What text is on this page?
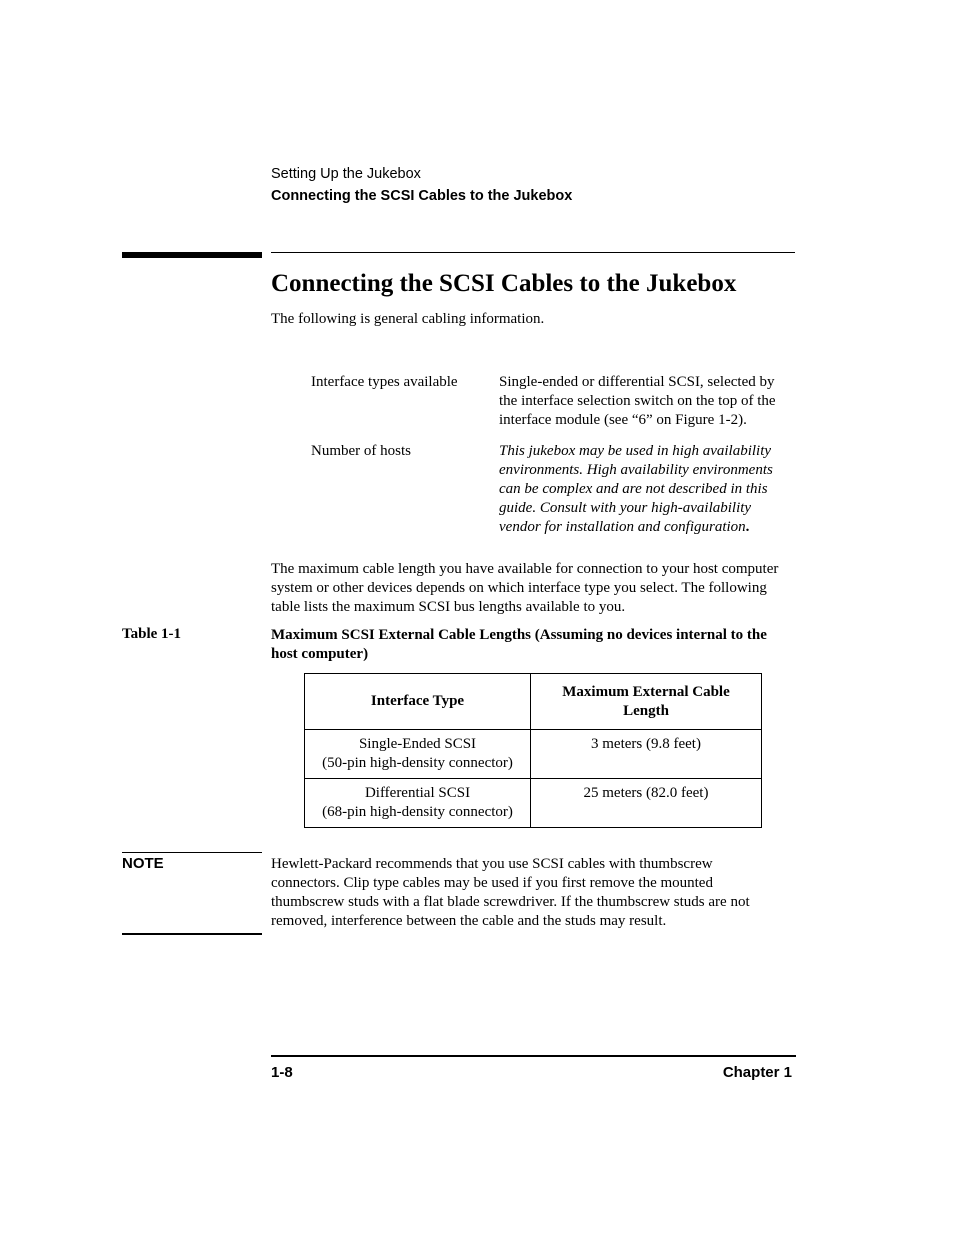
Setting Up the Jukebox
Connecting the SCSI Cables to the Jukebox
Connecting the SCSI Cables to the Jukebox
The following is general cabling information.
Interface types available	Single-ended or differential SCSI, selected by
the interface selection switch on the top of the
interface module (see “6” on Figure 1-2).
Number of hosts	This jukebox may be used in high availability
environments. High availability environments
can be complex and are not described in this
guide. Consult with your high-availability
vendor for installation and configuration.
The maximum cable length you have available for connection to your host computer
system or other devices depends on which interface type you select. The following
table lists the maximum SCSI bus lengths available to you.
Table 1-1	Maximum SCSI External Cable Lengths (Assuming no devices internal to the
host computer)
Interface Type	Maximum External Cable
Length

Single-Ended SCSI
(50-pin high-density connector)	3 meters (9.8 feet)

Differential SCSI
(68-pin high-density connector)	25 meters (82.0 feet)
NOTE	Hewlett-Packard recommends that you use SCSI cables with thumbscrew
connectors. Clip type cables may be used if you first remove the mounted
thumbscrew studs with a flat blade screwdriver. If the thumbscrew studs are not
removed, interference between the cable and the studs may result.
1-8	Chapter 1
